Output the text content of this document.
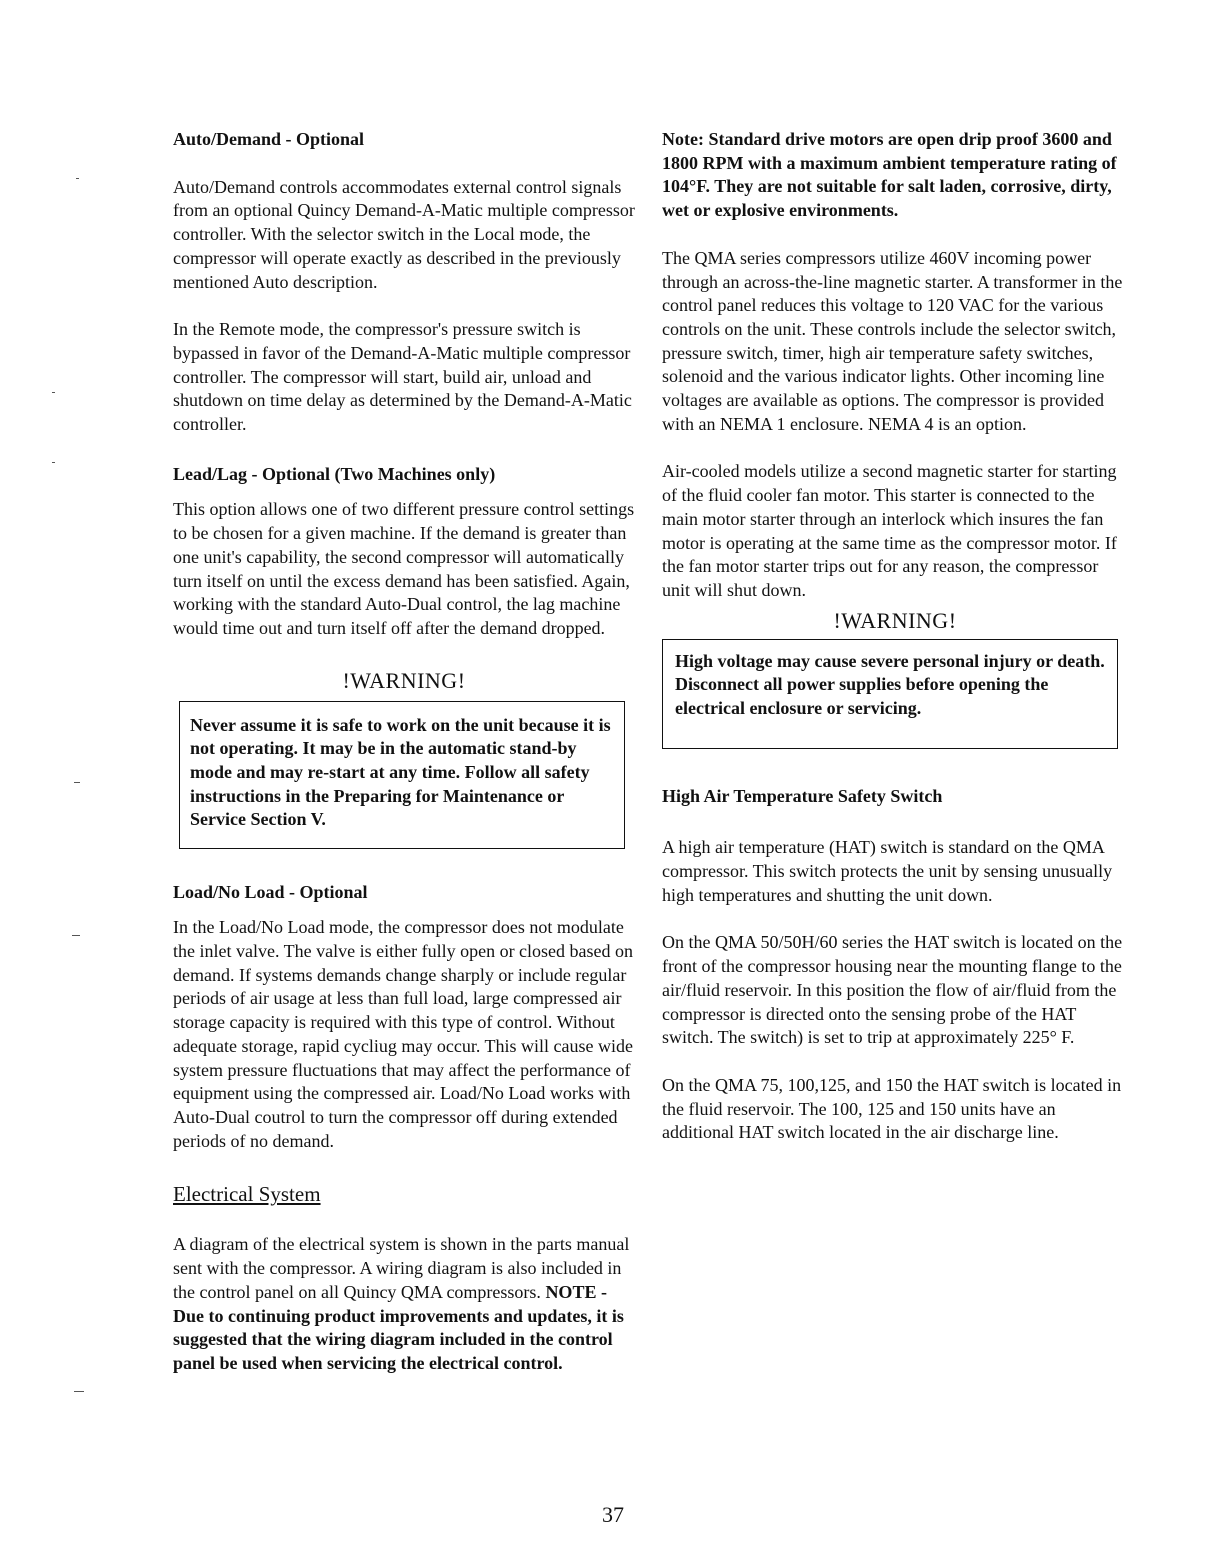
Auto/Demand - Optional

Auto/Demand controls accommodates external control signals from an optional Quincy Demand-A-Matic multiple compressor controller. With the selector switch in the Local mode, the compressor will operate exactly as described in the previously mentioned Auto description.

In the Remote mode, the compressor's pressure switch is bypassed in favor of the Demand-A-Matic multiple compressor controller. The compressor will start, build air, unload and shutdown on time delay as determined by the Demand-A-Matic controller.

Lead/Lag - Optional (Two Machines only)

This option allows one of two different pressure control settings to be chosen for a given machine. If the demand is greater than one unit's capability, the second compressor will automatically turn itself on until the excess demand has been satisfied. Again, working with the standard Auto-Dual control, the lag machine would time out and turn itself off after the demand dropped.

!WARNING!

Never assume it is safe to work on the unit because it is not operating. It may be in the automatic stand-by mode and may re-start at any time. Follow all safety instructions in the Preparing for Maintenance or Service Section V.

Load/No Load - Optional

In the Load/No Load mode, the compressor does not modulate the inlet valve. The valve is either fully open or closed based on demand. If systems demands change sharply or include regular periods of air usage at less than full load, large compressed air storage capacity is required with this type of control. Without adequate storage, rapid cycliug may occur. This will cause wide system pressure fluctuations that may affect the performance of equipment using the compressed air. Load/No Load works with Auto-Dual coutrol to turn the compressor off during extended periods of no demand.

Electrical System

A diagram of the electrical system is shown in the parts manual sent with the compressor. A wiring diagram is also included in the control panel on all Quincy QMA compressors. NOTE - Due to continuing product improvements and updates, it is suggested that the wiring diagram included in the control panel be used when servicing the electrical control.

Note: Standard drive motors are open drip proof 3600 and 1800 RPM with a maximum ambient temperature rating of 104°F. They are not suitable for salt laden, corrosive, dirty, wet or explosive environments.

The QMA series compressors utilize 460V incoming power through an across-the-line magnetic starter. A transformer in the control panel reduces this voltage to 120 VAC for the various controls on the unit. These controls include the selector switch, pressure switch, timer, high air temperature safety switches, solenoid and the various indicator lights. Other incoming line voltages are available as options. The compressor is provided with an NEMA 1 enclosure. NEMA 4 is an option.

Air-cooled models utilize a second magnetic starter for starting of the fluid cooler fan motor. This starter is connected to the main motor starter through an interlock which insures the fan motor is operating at the same time as the compressor motor. If the fan motor starter trips out for any reason, the compressor unit will shut down.

!WARNING!

High voltage may cause severe personal injury or death. Disconnect all power supplies before opening the electrical enclosure or servicing.

High Air Temperature Safety Switch

A high air temperature (HAT) switch is standard on the QMA compressor. This switch protects the unit by sensing unusually high temperatures and shutting the unit down.

On the QMA 50/50H/60 series the HAT switch is located on the front of the compressor housing near the mounting flange to the air/fluid reservoir. In this position the flow of air/fluid from the compressor is directed onto the sensing probe of the HAT switch. The switch) is set to trip at approximately 225° F.

On the QMA 75, 100,125, and 150 the HAT switch is located in the fluid reservoir. The 100, 125 and 150 units have an additional HAT switch located in the air discharge line.

37
